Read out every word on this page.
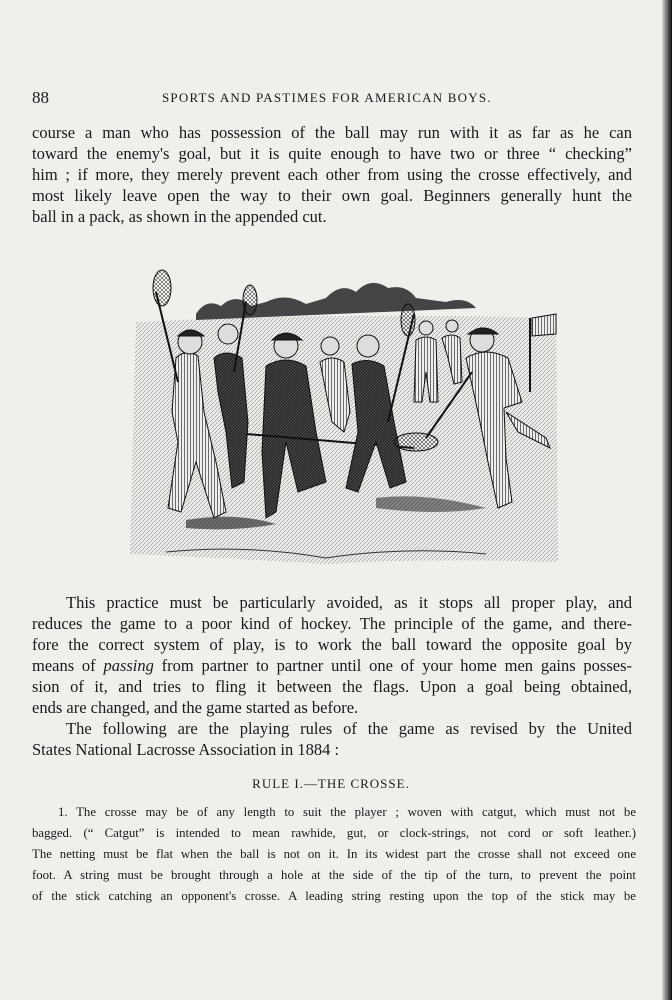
88	SPORTS AND PASTIMES FOR AMERICAN BOYS.

course a man who has possession of the ball may run with it as far as he can
toward the enemy's goal, but it is quite enough to have two or three “ checking”
him ; if more, they merely prevent each other from using the crosse effectively, and
most likely leave open the way to their own goal. Beginners generally hunt the
ball in a pack, as shown in the appended cut.

This practice must be particularly avoided, as it stops all proper play, and
reduces the game to a poor kind of hockey. The principle of the game, and there-
fore the correct system of play, is to work the ball toward the opposite goal by
means of passing from partner to partner until one of your home men gains posses-
sion of it, and tries to fling it between the flags. Upon a goal being obtained,
ends are changed, and the game started as before.
The following are the playing rules of the game as revised by the United
States National Lacrosse Association in 1884 :
RULE I.—THE CROSSE.
1. The crosse may be of any length to suit the player ; woven with catgut, which must not be
bagged. (“ Catgut” is intended to mean rawhide, gut, or clock-strings, not cord or soft leather.)
The netting must be flat when the ball is not on it. In its widest part the crosse shall not exceed one
foot. A string must be brought through a hole at the side of the tip of the turn, to prevent the point
of the stick catching an opponent's crosse. A leading string resting upon the top of the stick may be
